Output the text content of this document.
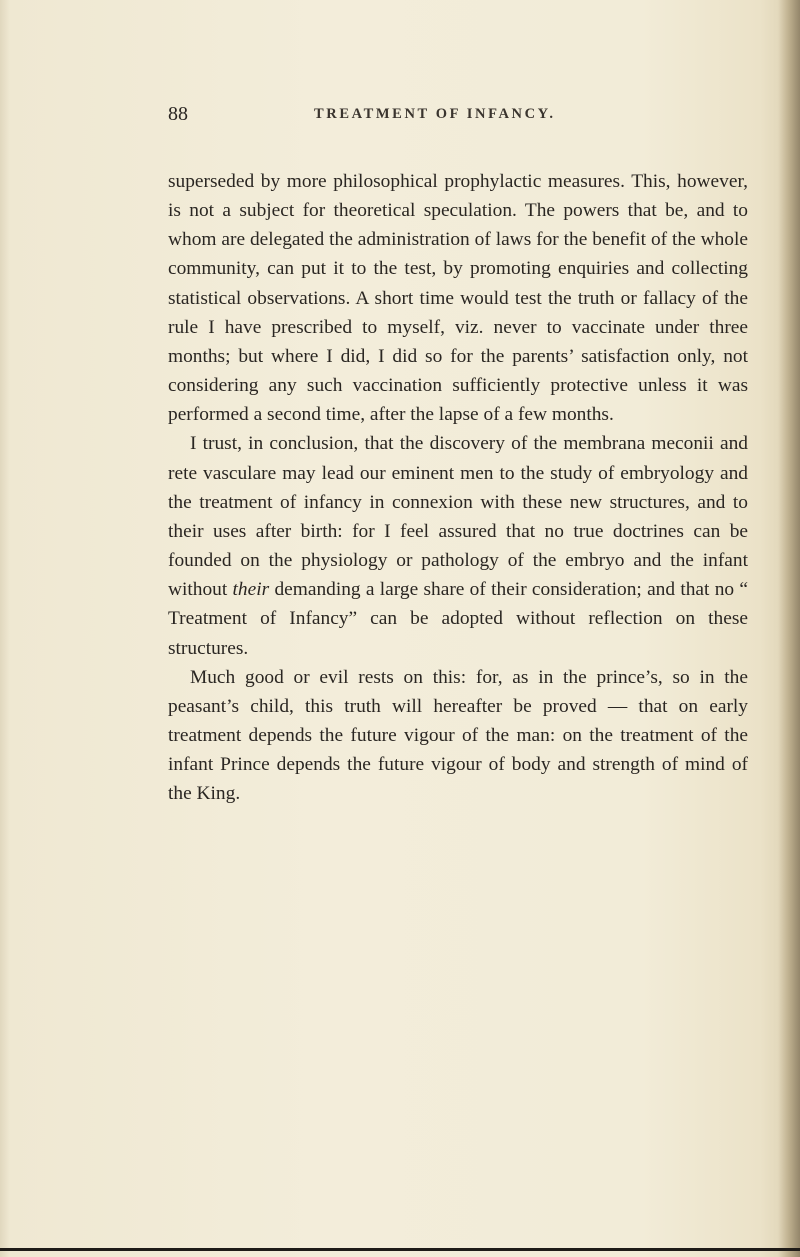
88	TREATMENT OF INFANCY.

superseded by more philosophical prophylactic measures. This, however, is not a subject for theoretical speculation. The powers that be, and to whom are delegated the administration of laws for the benefit of the whole community, can put it to the test, by promoting enquiries and collecting statistical observations. A short time would test the truth or fallacy of the rule I have prescribed to myself, viz. never to vaccinate under three months; but where I did, I did so for the parents’ satisfaction only, not considering any such vaccination sufficiently protective unless it was performed a second time, after the lapse of a few months.

I trust, in conclusion, that the discovery of the membrana meconii and rete vasculare may lead our eminent men to the study of embryology and the treatment of infancy in connexion with these new structures, and to their uses after birth: for I feel assured that no true doctrines can be founded on the physiology or pathology of the embryo and the infant without their demanding a large share of their consideration; and that no “ Treatment of Infancy” can be adopted without reflection on these structures.

Much good or evil rests on this: for, as in the prince’s, so in the peasant’s child, this truth will hereafter be proved — that on early treatment depends the future vigour of the man: on the treatment of the infant Prince depends the future vigour of body and strength of mind of the King.
